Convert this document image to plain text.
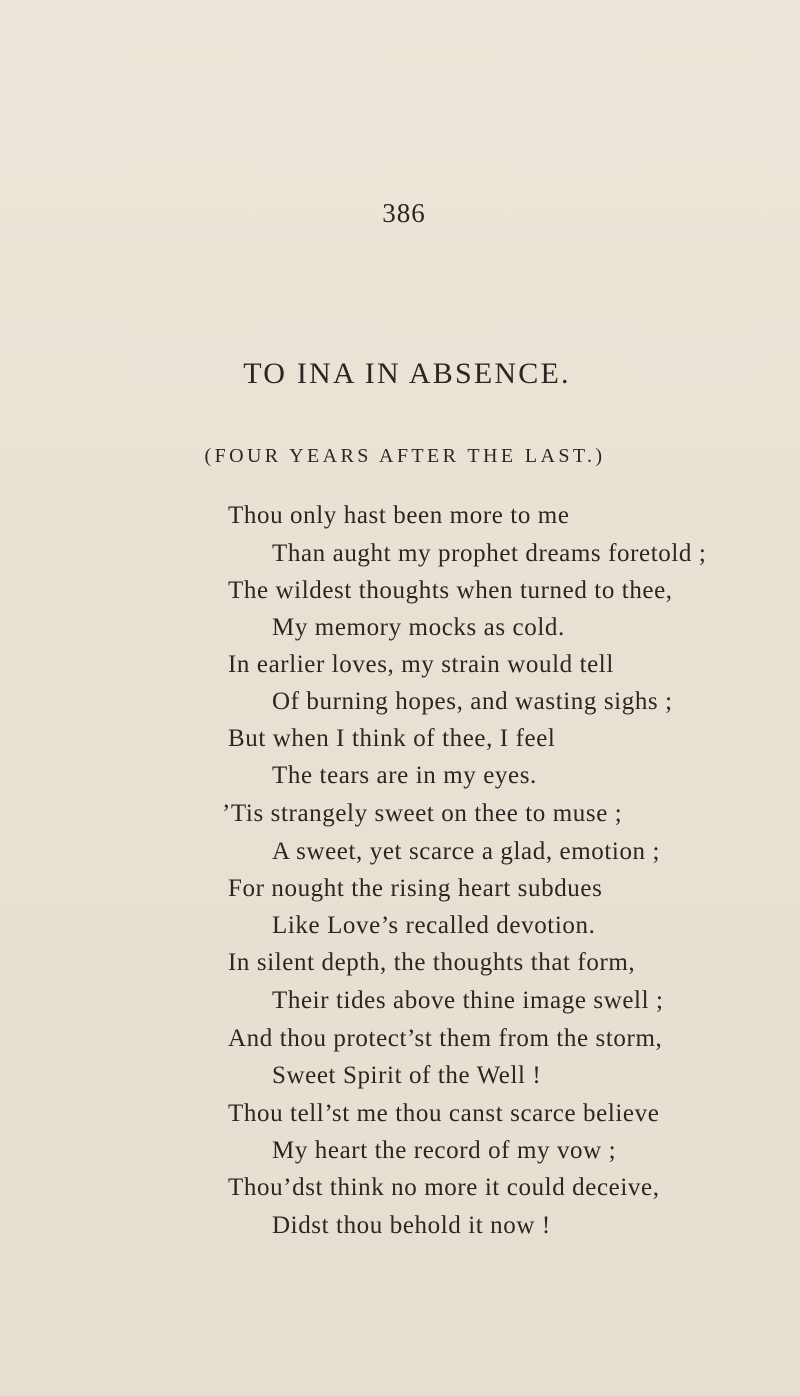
386
TO INA IN ABSENCE.
(FOUR YEARS AFTER THE LAST.)
Thou only hast been more to me
Than aught my prophet dreams foretold ;
The wildest thoughts when turned to thee,
My memory mocks as cold.
In earlier loves, my strain would tell
Of burning hopes, and wasting sighs ;
But when I think of thee, I feel
The tears are in my eyes.
’Tis strangely sweet on thee to muse ;
A sweet, yet scarce a glad, emotion ;
For nought the rising heart subdues
Like Love’s recalled devotion.
In silent depth, the thoughts that form,
Their tides above thine image swell ;
And thou protect’st them from the storm,
Sweet Spirit of the Well !
Thou tell’st me thou canst scarce believe
My heart the record of my vow ;
Thou’dst think no more it could deceive,
Didst thou behold it now !
